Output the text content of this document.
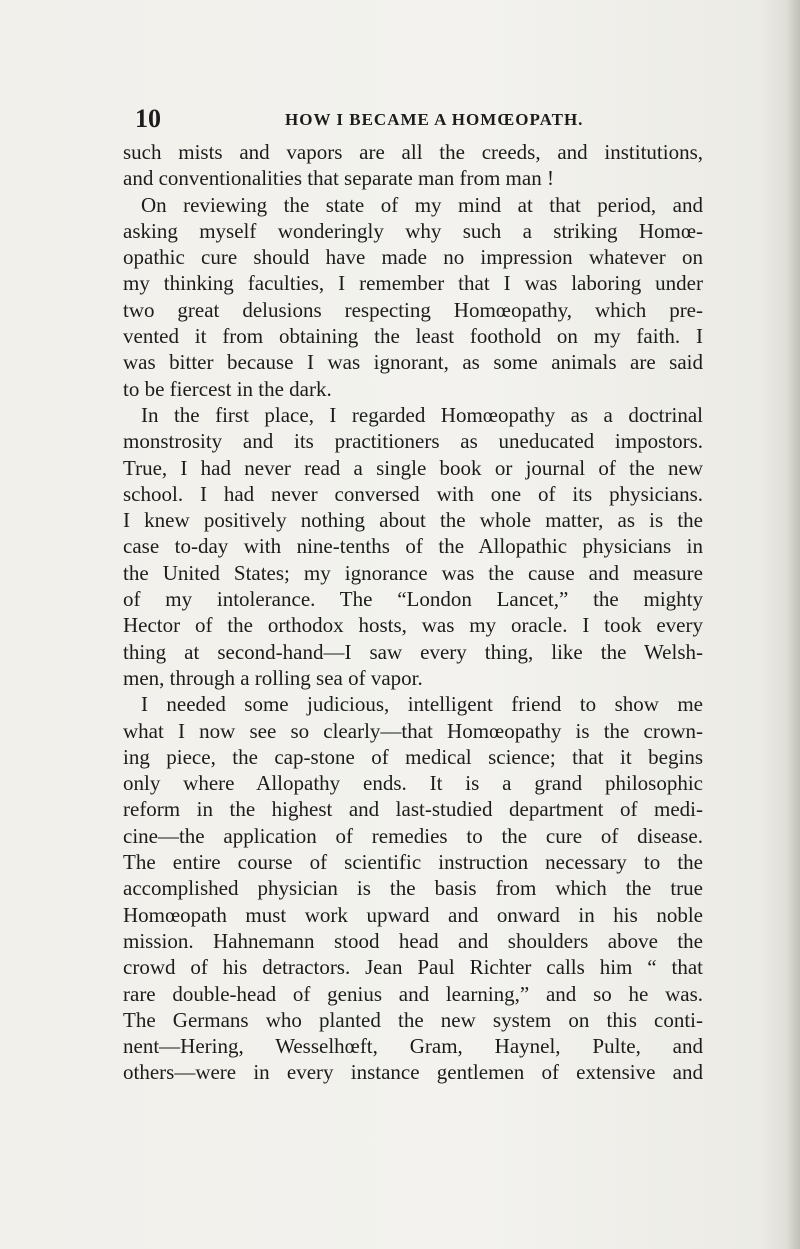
10	HOW I BECAME A HOMŒOPATH.
such mists and vapors are all the creeds, and institutions,
and conventionalities that separate man from man !
On reviewing the state of my mind at that period, and
asking myself wonderingly why such a striking Homœ-
opathic cure should have made no impression whatever on
my thinking faculties, I remember that I was laboring under
two great delusions respecting Homœopathy, which pre-
vented it from obtaining the least foothold on my faith. I
was bitter because I was ignorant, as some animals are said
to be fiercest in the dark.
In the first place, I regarded Homœopathy as a doctrinal
monstrosity and its practitioners as uneducated impostors.
True, I had never read a single book or journal of the new
school. I had never conversed with one of its physicians.
I knew positively nothing about the whole matter, as is the
case to-day with nine-tenths of the Allopathic physicians in
the United States; my ignorance was the cause and measure
of my intolerance. The “London Lancet,” the mighty
Hector of the orthodox hosts, was my oracle. I took every
thing at second-hand—I saw every thing, like the Welsh-
men, through a rolling sea of vapor.
I needed some judicious, intelligent friend to show me
what I now see so clearly—that Homœopathy is the crown-
ing piece, the cap-stone of medical science; that it begins
only where Allopathy ends. It is a grand philosophic
reform in the highest and last-studied department of medi-
cine—the application of remedies to the cure of disease.
The entire course of scientific instruction necessary to the
accomplished physician is the basis from which the true
Homœopath must work upward and onward in his noble
mission. Hahnemann stood head and shoulders above the
crowd of his detractors. Jean Paul Richter calls him “ that
rare double-head of genius and learning,” and so he was.
The Germans who planted the new system on this conti-
nent—Hering, Wesselhœft, Gram, Haynel, Pulte, and
others—were in every instance gentlemen of extensive and
